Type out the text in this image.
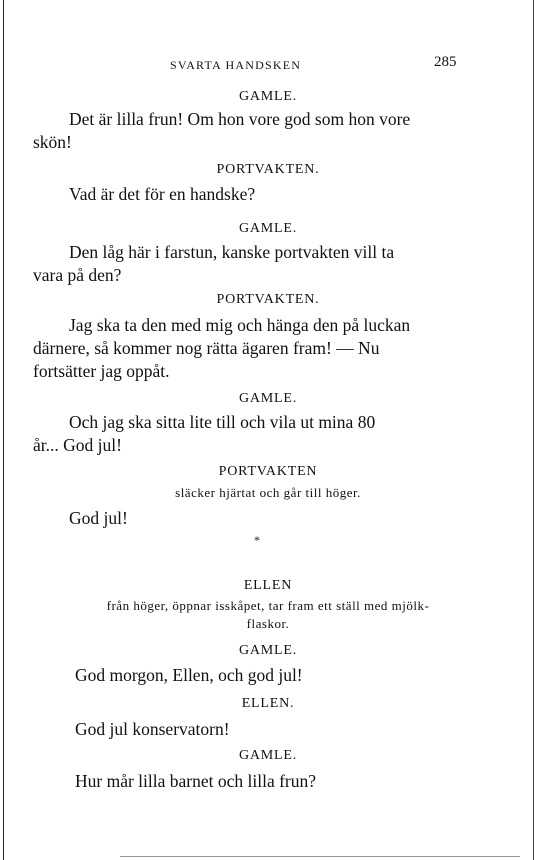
SVARTA HANDSKEN	285
GAMLE.
Det är lilla frun! Om hon vore god som hon vore
skön!
PORTVAKTEN.
Vad är det för en handske?
GAMLE.
Den låg här i farstun, kanske portvakten vill ta
vara på den?
PORTVAKTEN.
Jag ska ta den med mig och hänga den på luckan
därnere, så kommer nog rätta ägaren fram! — Nu
fortsätter jag oppåt.
GAMLE.
Och jag ska sitta lite till och vila ut mina 80
år... God jul!
PORTVAKTEN
släcker hjärtat och går till höger.
God jul!
*
ELLEN
från höger, öppnar isskåpet, tar fram ett ställ med mjölk-
flaskor.
GAMLE.
God morgon, Ellen, och god jul!
ELLEN.
God jul konservatorn!
GAMLE.
Hur mår lilla barnet och lilla frun?
